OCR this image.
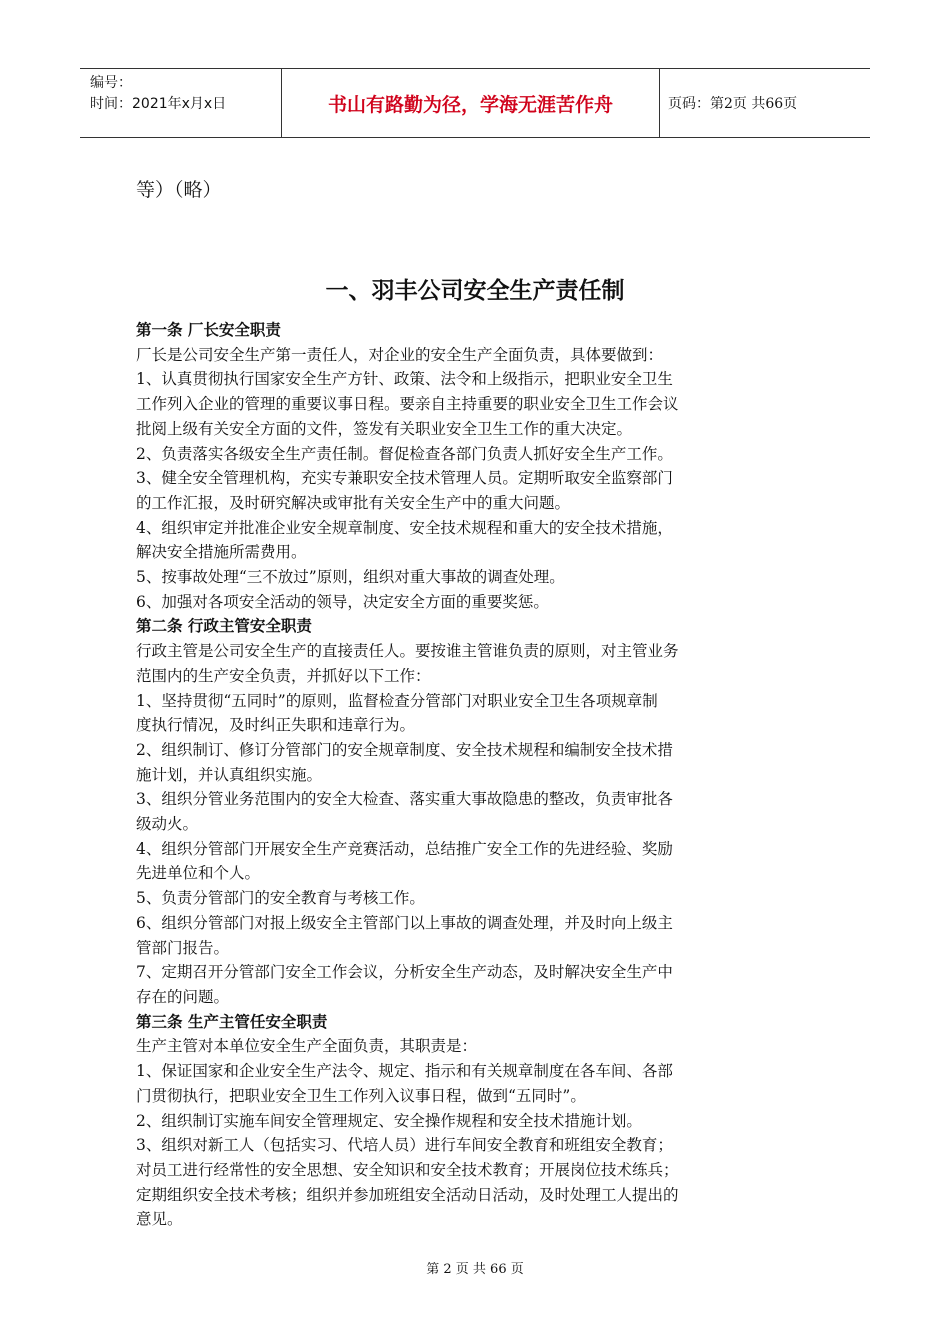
编号：
时间：2021年x月x日	书山有路勤为径，学海无涯苦作舟	页码：第2页 共66页
等）（略）
一、羽丰公司安全生产责任制

第一条 厂长安全职责

厂长是公司安全生产第一责任人，对企业的安全生产全面负责，具体要做到：

1、认真贯彻执行国家安全生产方针、政策、法令和上级指示，把职业安全卫生

工作列入企业的管理的重要议事日程。要亲自主持重要的职业安全卫生工作会议

批阅上级有关安全方面的文件，签发有关职业安全卫生工作的重大决定。

2、负责落实各级安全生产责任制。督促检查各部门负责人抓好安全生产工作。

3、健全安全管理机构，充实专兼职安全技术管理人员。定期听取安全监察部门

的工作汇报，及时研究解决或审批有关安全生产中的重大问题。

4、组织审定并批准企业安全规章制度、安全技术规程和重大的安全技术措施，

解决安全措施所需费用。

5、按事故处理“三不放过”原则，组织对重大事故的调查处理。

6、加强对各项安全活动的领导，决定安全方面的重要奖惩。

第二条 行政主管安全职责

行政主管是公司安全生产的直接责任人。要按谁主管谁负责的原则，对主管业务

范围内的生产安全负责，并抓好以下工作：

1、坚持贯彻“五同时”的原则，监督检查分管部门对职业安全卫生各项规章制

度执行情况，及时纠正失职和违章行为。

2、组织制订、修订分管部门的安全规章制度、安全技术规程和编制安全技术措

施计划，并认真组织实施。

3、组织分管业务范围内的安全大检查、落实重大事故隐患的整改，负责审批各

级动火。

4、组织分管部门开展安全生产竞赛活动，总结推广安全工作的先进经验、奖励

先进单位和个人。

5、负责分管部门的安全教育与考核工作。

6、组织分管部门对报上级安全主管部门以上事故的调查处理，并及时向上级主

管部门报告。

7、定期召开分管部门安全工作会议，分析安全生产动态，及时解决安全生产中

存在的问题。

第三条 生产主管任安全职责

生产主管对本单位安全生产全面负责，其职责是：

1、保证国家和企业安全生产法令、规定、指示和有关规章制度在各车间、各部

门贯彻执行，把职业安全卫生工作列入议事日程，做到“五同时”。

2、组织制订实施车间安全管理规定、安全操作规程和安全技术措施计划。

3、组织对新工人（包括实习、代培人员）进行车间安全教育和班组安全教育；

对员工进行经常性的安全思想、安全知识和安全技术教育；开展岗位技术练兵；

定期组织安全技术考核；组织并参加班组安全活动日活动，及时处理工人提出的

意见。

第 2 页 共 66 页
